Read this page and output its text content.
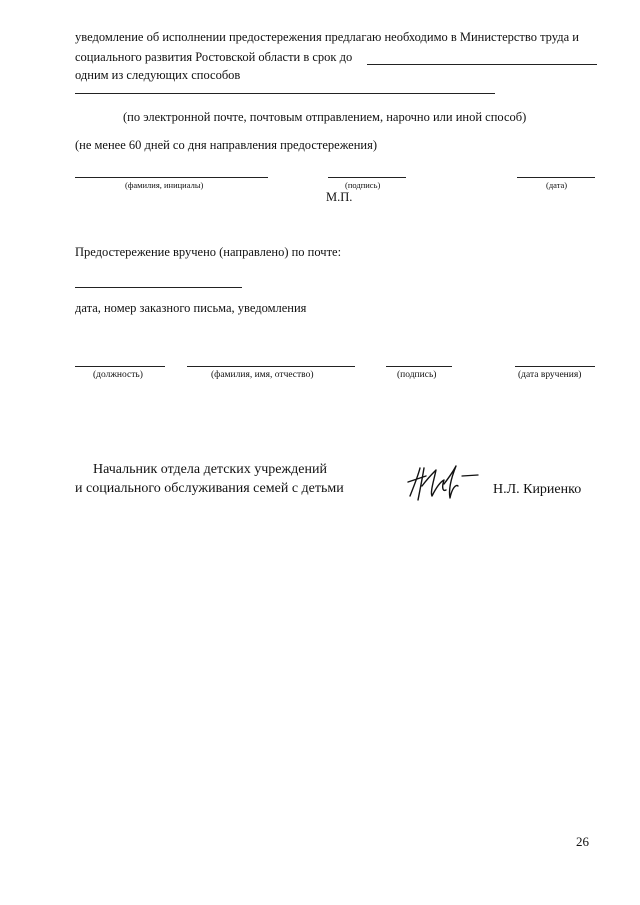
уведомление об исполнении предостережения предлагаю необходимо в Министерство труда и
социального развития Ростовской области в срок до
одним из следующих способов
(по электронной почте, почтовым отправлением, нарочно или иной способ)
(не менее 60 дней со дня направления предостережения)
(фамилия, инициалы)	(подпись)	(дата)
М.П.
Предостережение вручено (направлено) по почте:
дата, номер заказного письма, уведомления
(должность)	(фамилия, имя, отчество)	(подпись)	(дата вручения)
Начальник отдела детских учреждений
и социального обслуживания семей с детьми	Н.Л. Кириенко
26
